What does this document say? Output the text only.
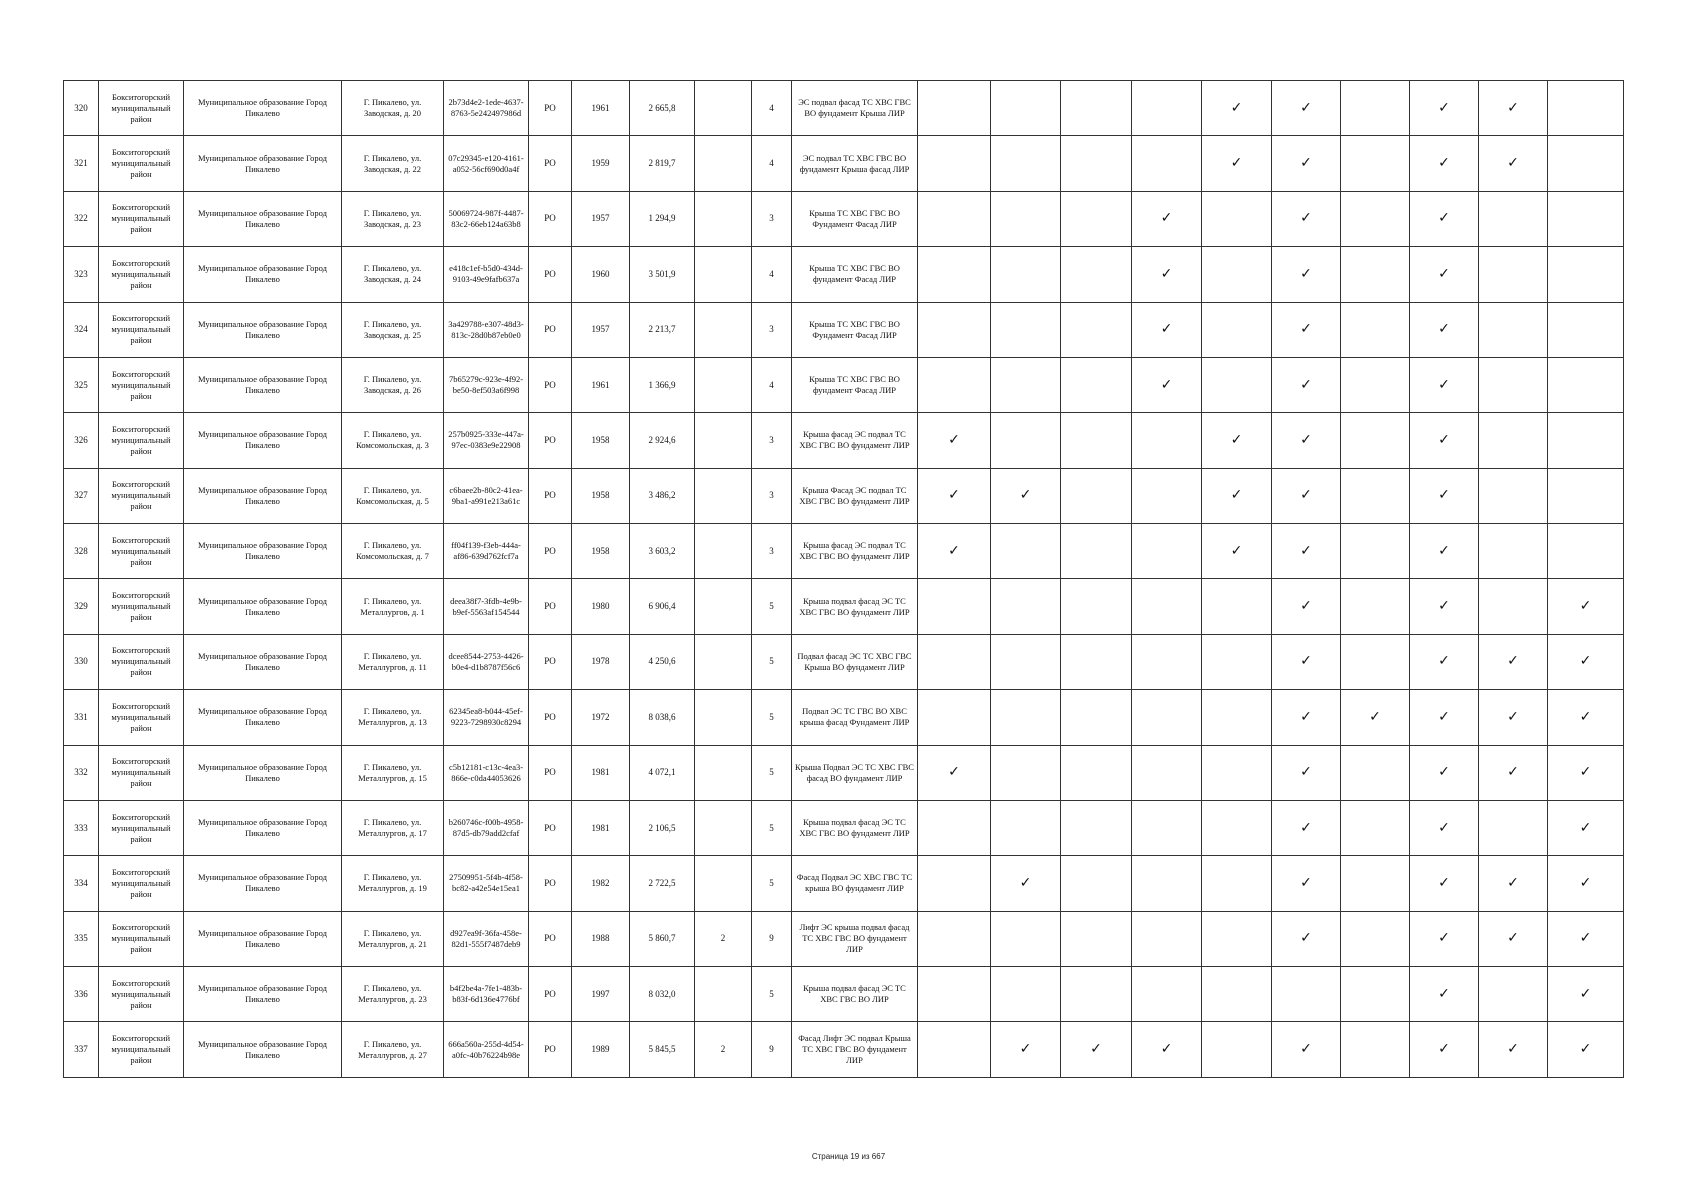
320	Бокситогорский муниципальный район	Муниципальное образование Город Пикалево	Г. Пикалево, ул. Заводская, д. 20	2b73d4e2-1ede-4637-8763-5e242497986d	РО	1961	2 665,8		4	ЭС подвал фасад ТС ХВС ГВС ВО фундамент Крыша ЛИР					✓	✓		✓	✓	
321	Бокситогорский муниципальный район	Муниципальное образование Город Пикалево	Г. Пикалево, ул. Заводская, д. 22	07c29345-e120-4161-a052-56cf690d0a4f	РО	1959	2 819,7		4	ЭС подвал ТС ХВС ГВС ВО фундамент Крыша фасад ЛИР					✓	✓		✓	✓	
322	Бокситогорский муниципальный район	Муниципальное образование Город Пикалево	Г. Пикалево, ул. Заводская, д. 23	50069724-987f-4487-83c2-66eb124a63b8	РО	1957	1 294,9		3	Крыша ТС ХВС ГВС ВО Фундамент Фасад ЛИР				✓		✓		✓		
323	Бокситогорский муниципальный район	Муниципальное образование Город Пикалево	Г. Пикалево, ул. Заводская, д. 24	e418c1ef-b5d0-434d-9103-49e9fafb637a	РО	1960	3 501,9		4	Крыша ТС ХВС ГВС ВО фундамент Фасад ЛИР				✓		✓		✓		
324	Бокситогорский муниципальный район	Муниципальное образование Город Пикалево	Г. Пикалево, ул. Заводская, д. 25	3a429788-e307-48d3-813c-28d0b87eb0e0	РО	1957	2 213,7		3	Крыша ТС ХВС ГВС ВО Фундамент Фасад ЛИР				✓		✓		✓		
325	Бокситогорский муниципальный район	Муниципальное образование Город Пикалево	Г. Пикалево, ул. Заводская, д. 26	7b65279c-923e-4f92-be50-8ef503a6f998	РО	1961	1 366,9		4	Крыша ТС ХВС ГВС ВО фундамент Фасад ЛИР				✓		✓		✓		
326	Бокситогорский муниципальный район	Муниципальное образование Город Пикалево	Г. Пикалево, ул. Комсомольская, д. 3	257b0925-333e-447a-97ec-0383e9e22908	РО	1958	2 924,6		3	Крыша фасад ЭС подвал ТС ХВС ГВС ВО фундамент ЛИР	✓				✓	✓		✓		
327	Бокситогорский муниципальный район	Муниципальное образование Город Пикалево	Г. Пикалево, ул. Комсомольская, д. 5	c6baee2b-80c2-41ea-9ba1-a991e213a61c	РО	1958	3 486,2		3	Крыша Фасад ЭС подвал ТС ХВС ГВС ВО фундамент ЛИР	✓	✓			✓	✓		✓		
328	Бокситогорский муниципальный район	Муниципальное образование Город Пикалево	Г. Пикалево, ул. Комсомольская, д. 7	ff04f139-f3eb-444a-af86-639d762fcf7a	РО	1958	3 603,2		3	Крыша фасад ЭС подвал ТС ХВС ГВС ВО фундамент ЛИР	✓				✓	✓		✓		
329	Бокситогорский муниципальный район	Муниципальное образование Город Пикалево	Г. Пикалево, ул. Металлургов, д. 1	deea38f7-3fdb-4e9b-b9ef-5563af154544	РО	1980	6 906,4		5	Крыша подвал фасад ЭС ТС ХВС ГВС ВО фундамент ЛИР						✓		✓		✓
330	Бокситогорский муниципальный район	Муниципальное образование Город Пикалево	Г. Пикалево, ул. Металлургов, д. 11	dcee8544-2753-4426-b0e4-d1b8787f56c6	РО	1978	4 250,6		5	Подвал фасад ЭС ТС ХВС ГВС Крыша ВО фундамент ЛИР						✓		✓	✓	✓
331	Бокситогорский муниципальный район	Муниципальное образование Город Пикалево	Г. Пикалево, ул. Металлургов, д. 13	62345ea8-b044-45ef-9223-7298930c8294	РО	1972	8 038,6		5	Подвал ЭС ТС ГВС ВО ХВС крыша фасад Фундамент ЛИР						✓	✓	✓	✓	✓
332	Бокситогорский муниципальный район	Муниципальное образование Город Пикалево	Г. Пикалево, ул. Металлургов, д. 15	c5b12181-c13c-4ea3-866e-c0da44053626	РО	1981	4 072,1		5	Крыша Подвал ЭС ТС ХВС ГВС фасад ВО фундамент ЛИР	✓					✓		✓	✓	✓
333	Бокситогорский муниципальный район	Муниципальное образование Город Пикалево	Г. Пикалево, ул. Металлургов, д. 17	b260746c-f00b-4958-87d5-db79add2cfaf	РО	1981	2 106,5		5	Крыша подвал фасад ЭС ТС ХВС ГВС ВО фундамент ЛИР						✓		✓		✓
334	Бокситогорский муниципальный район	Муниципальное образование Город Пикалево	Г. Пикалево, ул. Металлургов, д. 19	27509951-5f4b-4f58-bc82-a42e54e15ea1	РО	1982	2 722,5		5	Фасад Подвал ЭС ХВС ГВС ТС крыша ВО фундамент ЛИР		✓				✓		✓	✓	✓
335	Бокситогорский муниципальный район	Муниципальное образование Город Пикалево	Г. Пикалево, ул. Металлургов, д. 21	d927ea9f-36fa-458e-82d1-555f7487deb9	РО	1988	5 860,7	2	9	Лифт ЭС крыша подвал фасад ТС ХВС ГВС ВО фундамент ЛИР						✓		✓	✓	✓
336	Бокситогорский муниципальный район	Муниципальное образование Город Пикалево	Г. Пикалево, ул. Металлургов, д. 23	b4f2be4a-7fe1-483b-b83f-6d136e4776bf	РО	1997	8 032,0		5	Крыша подвал фасад ЭС ТС ХВС ГВС ВО ЛИР								✓		✓
337	Бокситогорский муниципальный район	Муниципальное образование Город Пикалево	Г. Пикалево, ул. Металлургов, д. 27	666a560a-255d-4d54-a0fc-40b76224b98e	РО	1989	5 845,5	2	9	Фасад Лифт ЭС подвал Крыша ТС ХВС ГВС ВО фундамент ЛИР		✓	✓	✓		✓		✓	✓	✓
Страница 19 из 667
